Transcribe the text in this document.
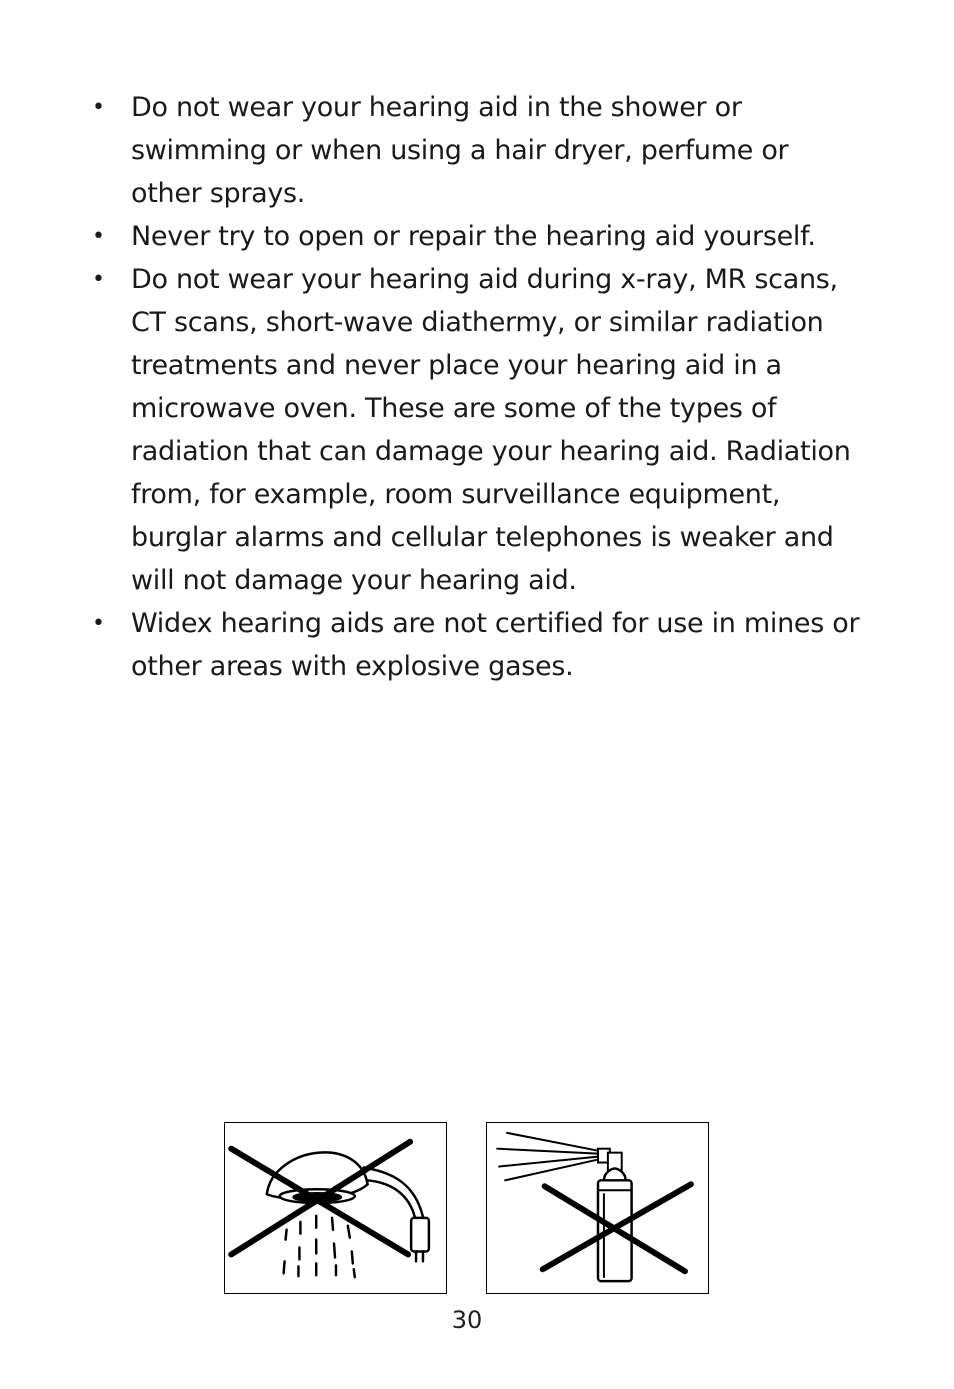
• Do not wear your hearing aid in the shower or swimming or when using a hair dryer, perfume or other sprays.
• Never try to open or repair the hearing aid yourself.
• Do not wear your hearing aid during x-ray, MR scans, CT scans, short-wave diathermy, or similar radiation treatments and never place your hearing aid in a microwave oven. These are some of the types of radiation that can damage your hearing aid. Radiation from, for example, room surveillance equipment, burglar alarms and cellular telephones is weaker and will not damage your hearing aid.
• Widex hearing aids are not certified for use in mines or other areas with explosive gases.
30
